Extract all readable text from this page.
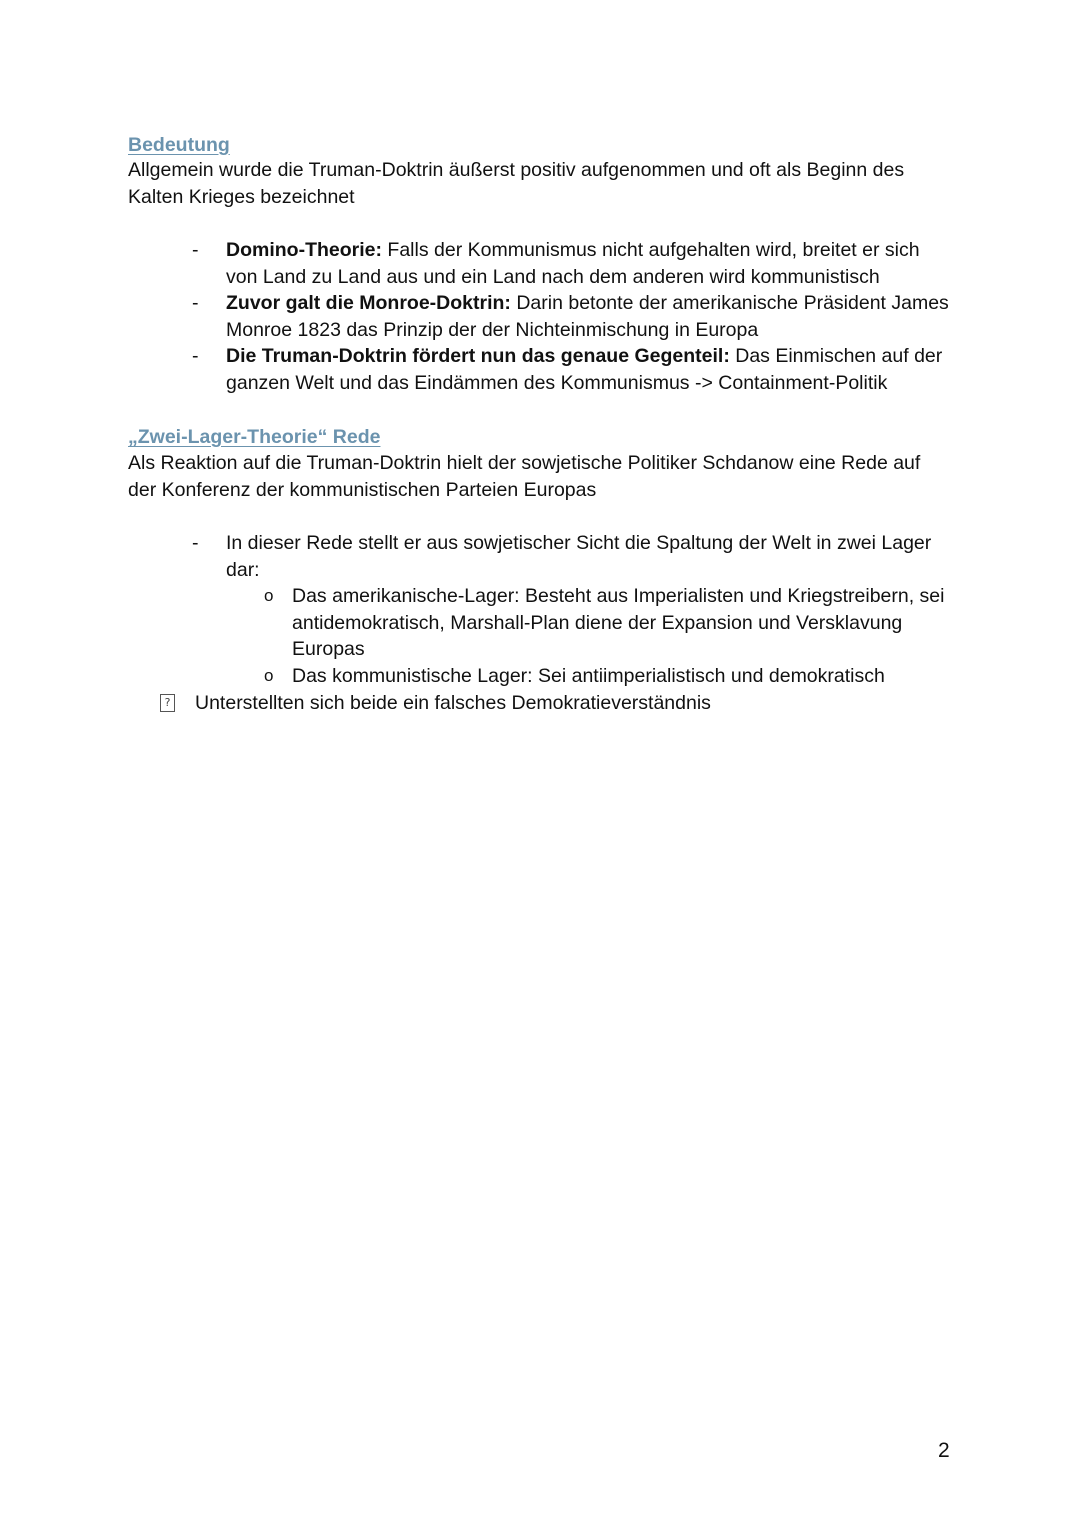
Bedeutung

Allgemein wurde die Truman-Doktrin äußerst positiv aufgenommen und oft als Beginn des Kalten Krieges bezeichnet

- Domino-Theorie: Falls der Kommunismus nicht aufgehalten wird, breitet er sich von Land zu Land aus und ein Land nach dem anderen wird kommunistisch
- Zuvor galt die Monroe-Doktrin: Darin betonte der amerikanische Präsident James Monroe 1823 das Prinzip der der Nichteinmischung in Europa
- Die Truman-Doktrin fördert nun das genaue Gegenteil: Das Einmischen auf der ganzen Welt und das Eindämmen des Kommunismus -> Containment-Politik
„Zwei-Lager-Theorie“ Rede

Als Reaktion auf die Truman-Doktrin hielt der sowjetische Politiker Schdanow eine Rede auf der Konferenz der kommunistischen Parteien Europas

- In dieser Rede stellt er aus sowjetischer Sicht die Spaltung der Welt in zwei Lager dar:
o Das amerikanische-Lager: Besteht aus Imperialisten und Kriegstreibern, sei antidemokratisch, Marshall-Plan diene der Expansion und Versklavung Europas
o Das kommunistische Lager: Sei antiimperialistisch und demokratisch
? Unterstellten sich beide ein falsches Demokratieverständnis
2
